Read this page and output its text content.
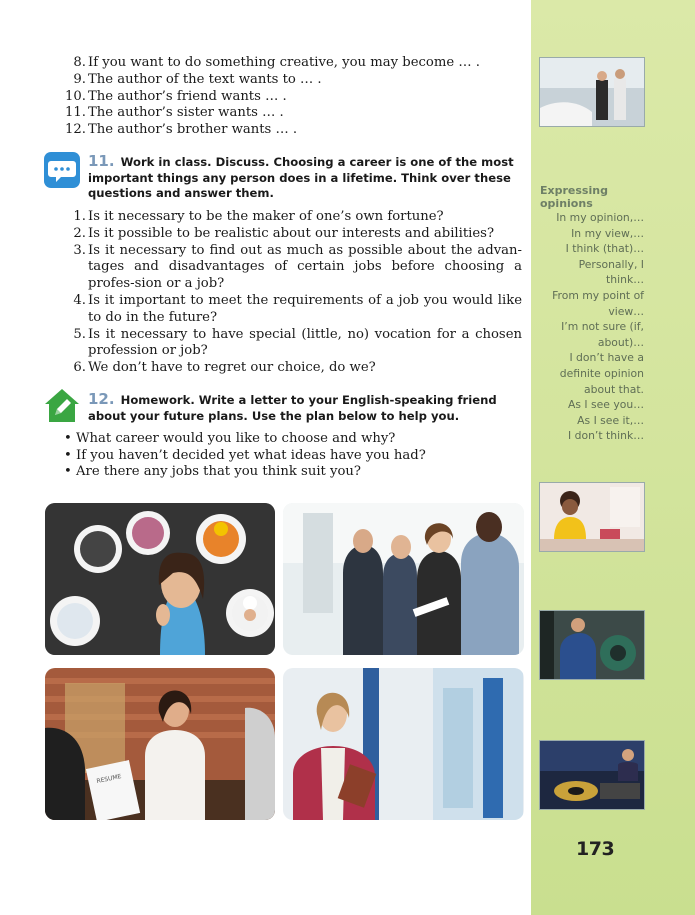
8. If you want to do something creative, you may become … .
9. The author of the text wants to … .
10. The author’s friend wants … .
11. The author’s sister wants … .
12. The author’s brother wants … .
11. Work in class. Discuss. Choosing a career is one of the most important things any person does in a lifetime. Think over these questions and answer them.
1. Is it necessary to be the maker of one’s own fortune?
2. Is it possible to be realistic about our interests and abilities?
3. Is it necessary to find out as much as possible about the advan-tages and disadvantages of certain jobs before choosing a profes-sion or a job?
4. Is it important to meet the requirements of a job you would like to do in the future?
5. Is it necessary to have special (little, no) vocation for a chosen profession or job?
6. We don’t have to regret our choice, do we?
12. Homework. Write a letter to your English-speaking friend about your future plans. Use the plan below to help you.
• What career would you like to choose and why?
• If you haven’t decided yet what ideas have you had?
• Are there any jobs that you think suit you?
RESUME
Expressing opinions
In my opinion,…
In my view,…
I think (that)…
Personally, I think…
From my point of
view…
I’m not sure (if,
about)…
I don’t have a
definite opinion
about that.
As I see you…
As I see it,…
I don’t think…
173
